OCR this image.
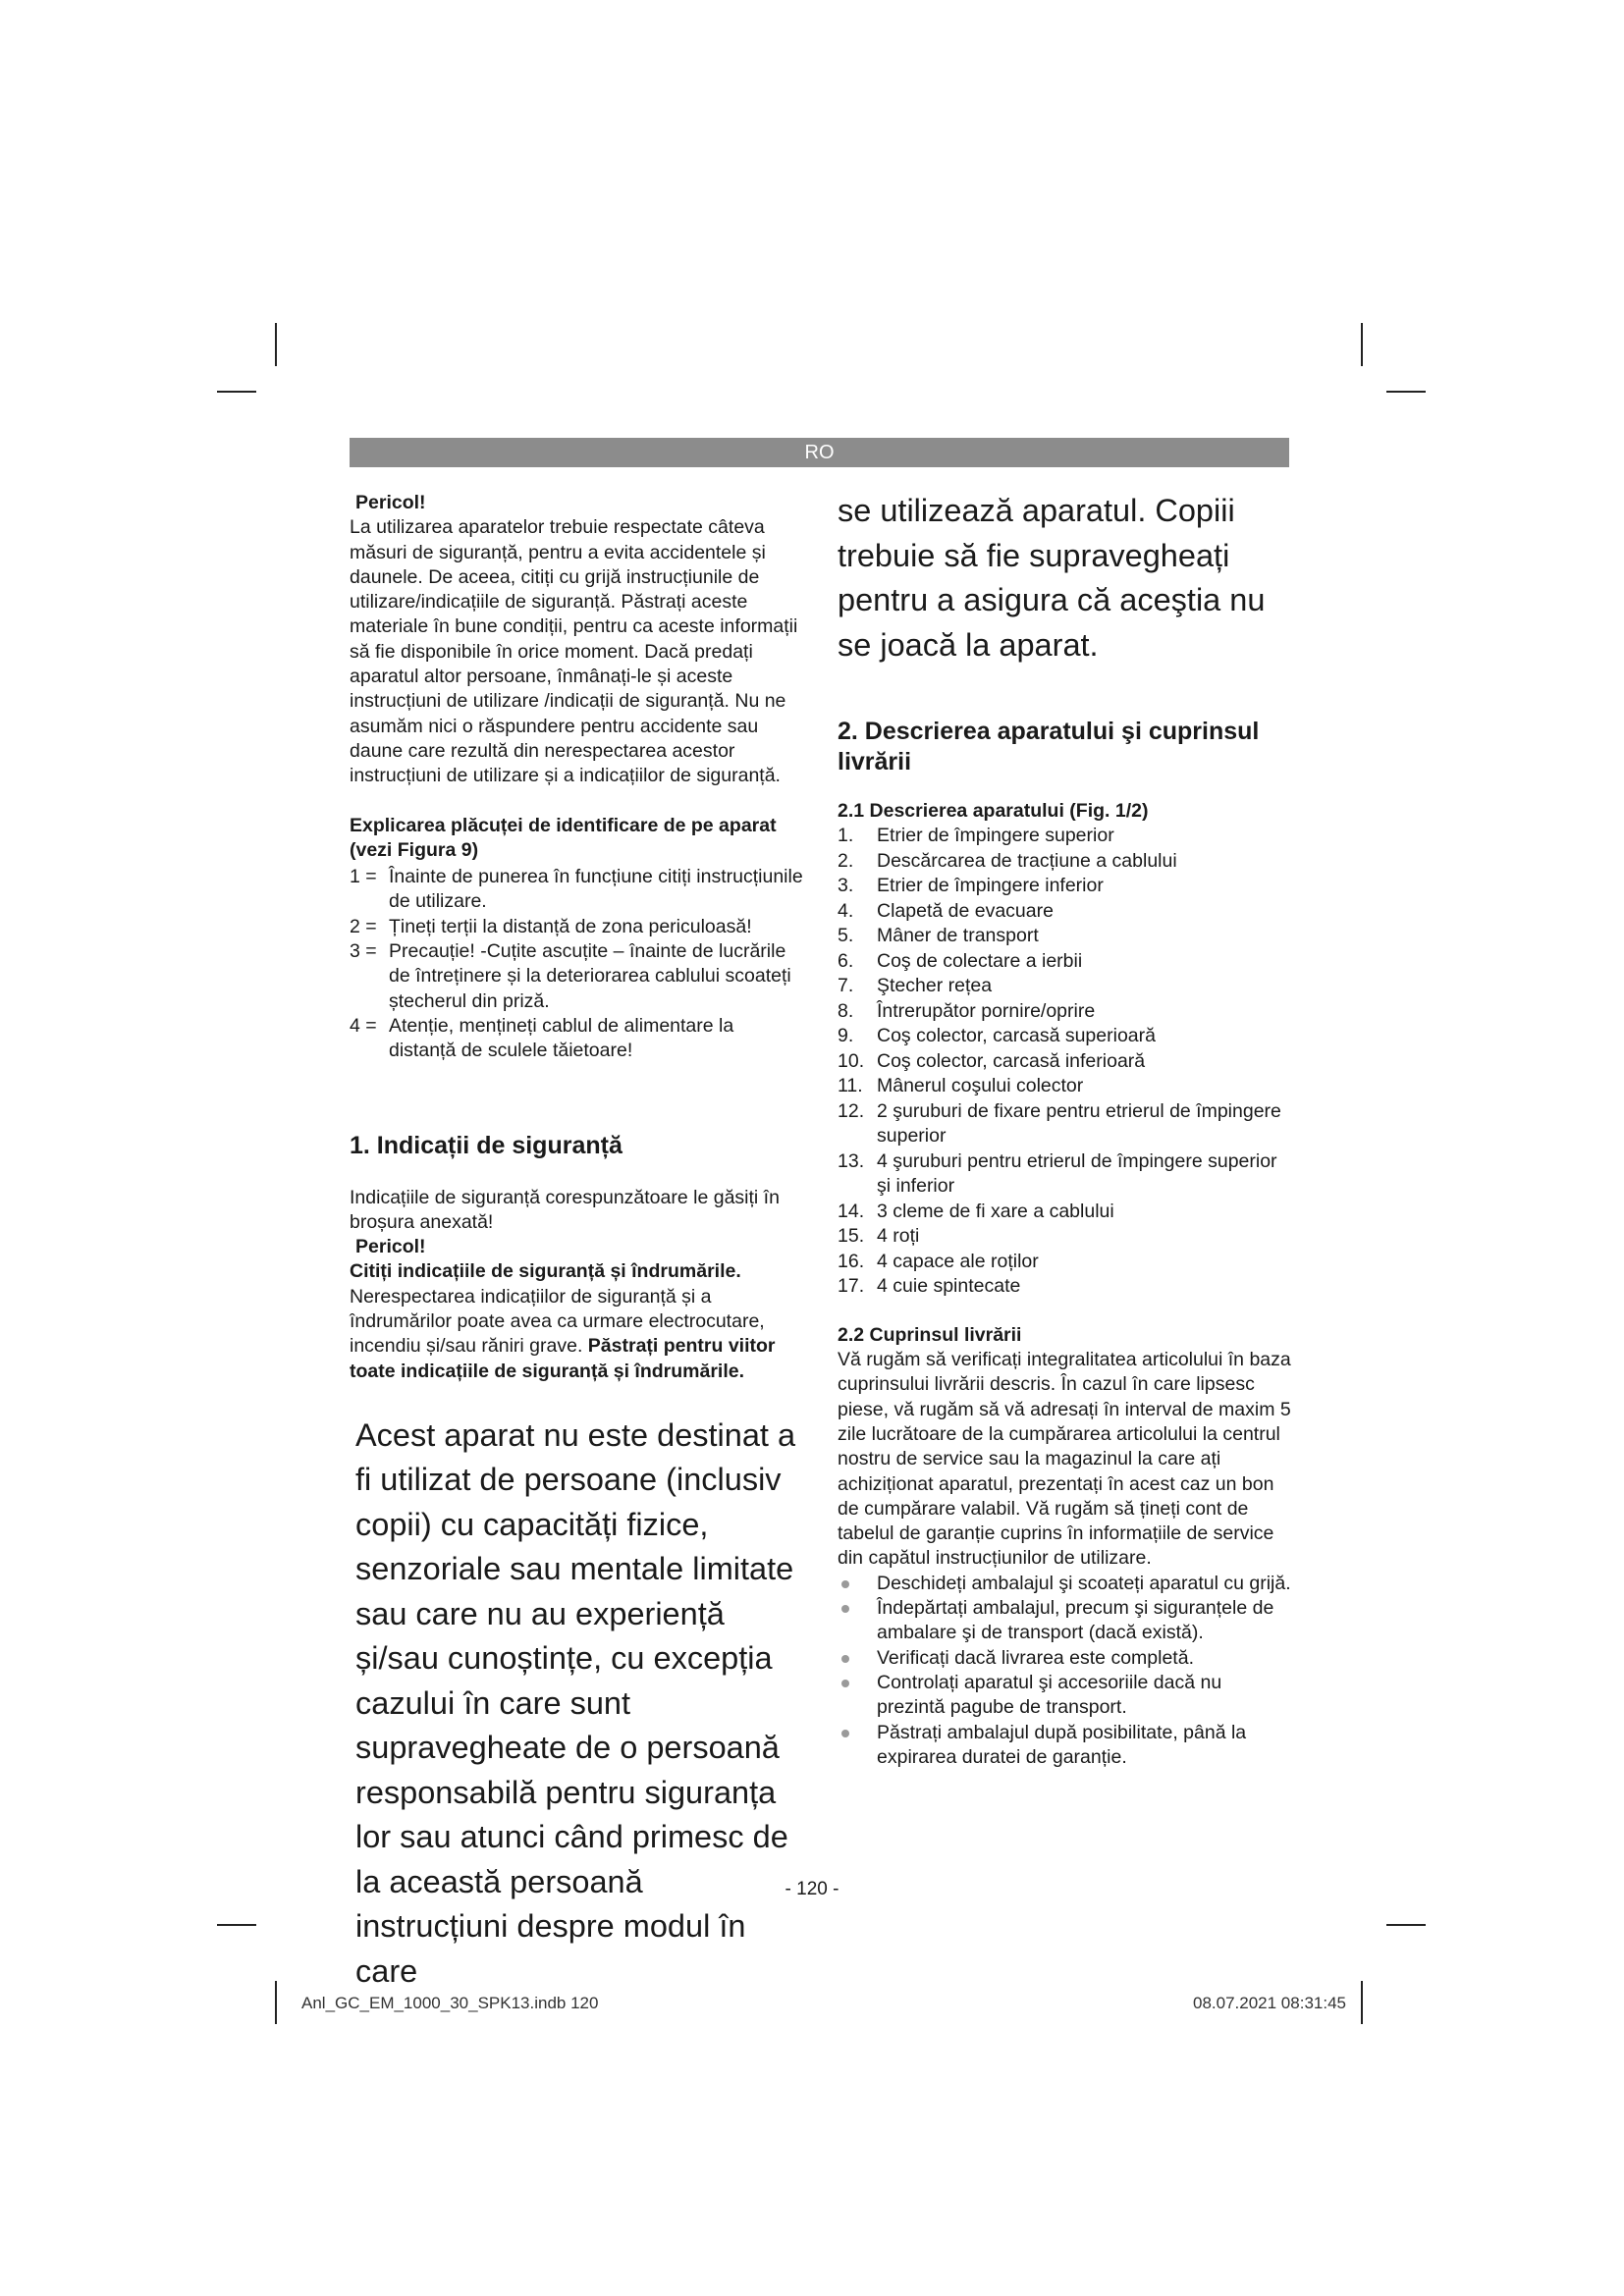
RO

Pericol!

La utilizarea aparatelor trebuie respectate câteva măsuri de siguranță, pentru a evita accidentele și daunele. De aceea, citiți cu grijă instrucțiunile de utilizare/indicațiile de siguranță. Păstrați aceste materiale în bune condiții, pentru ca aceste informații să fie disponibile în orice moment. Dacă predați aparatul altor persoane, înmânați-le și aceste instrucțiuni de utilizare /indicații de siguranță. Nu ne asumăm nici o răspundere pentru accidente sau daune care rezultă din nerespectarea acestor instrucțiuni de utilizare și a indicațiilor de siguranță.

Explicarea plăcuței de identificare de pe aparat (vezi Figura 9)

1 = Înainte de punerea în funcțiune citiți instrucțiunile de utilizare.
2 = Țineți terții la distanță de zona periculoasă!
3 = Precauție! -Cuțite ascuțite – înainte de lucrările de întreținere și la deteriorarea cablului scoateți ștecherul din priză.
4 = Atenție, mențineți cablul de alimentare la distanță de sculele tăietoare!
1. Indicații de siguranță

Indicațiile de siguranță corespunzătoare le găsiți în broșura anexată!

Pericol!

Citiți indicațiile de siguranță și îndrumările.

Nerespectarea indicațiilor de siguranță și a îndrumărilor poate avea ca urmare electrocutare, incendiu și/sau răniri grave. Păstrați pentru viitor toate indicațiile de siguranță și îndrumările.

Acest aparat nu este destinat a fi utilizat de persoane (inclusiv copii) cu capacități fizice, senzoriale sau mentale limitate sau care nu au experiență și/sau cunoștințe, cu excepția cazului în care sunt supravegheate de o persoană responsabilă pentru siguranța lor sau atunci când primesc de la această persoană instrucțiuni despre modul în care

se utilizează aparatul. Copiii trebuie să fie supravegheați pentru a asigura că aceştia nu se joacă la aparat.

2. Descrierea aparatului şi cuprinsul livrării

2.1 Descrierea aparatului (Fig. 1/2)

1. Etrier de împingere superior
2. Descărcarea de tracțiune a cablului
3. Etrier de împingere inferior
4. Clapetă de evacuare
5. Mâner de transport
6. Coş de colectare a ierbii
7. Ştecher rețea
8. Întrerupător pornire/oprire
9. Coş colector, carcasă superioară
10. Coş colector, carcasă inferioară
11. Mânerul coşului colector
12. 2 şuruburi de fixare pentru etrierul de împingere superior
13. 4 şuruburi pentru etrierul de împingere superior şi inferior
14. 3 cleme de fi xare a cablului
15. 4 roți
16. 4 capace ale roților
17. 4 cuie spintecate

2.2 Cuprinsul livrării

Vă rugăm să verificați integralitatea articolului în baza cuprinsului livrării descris. În cazul în care lipsesc piese, vă rugăm să vă adresați în interval de maxim 5 zile lucrătoare de la cumpărarea articolului la centrul nostru de service sau la magazinul la care ați achiziționat aparatul, prezentați în acest caz un bon de cumpărare valabil. Vă rugăm să țineți cont de tabelul de garanție cuprins în informațiile de service din capătul instrucțiunilor de utilizare.

Deschideți ambalajul şi scoateți aparatul cu grijă.
Îndepărtați ambalajul, precum şi siguranțele de ambalare şi de transport (dacă există).
Verificați dacă livrarea este completă.
Controlați aparatul şi accesoriile dacă nu prezintă pagube de transport.
Păstrați ambalajul după posibilitate, până la expirarea duratei de garanție.
- 120 -
Anl_GC_EM_1000_30_SPK13.indb 120	08.07.2021 08:31:45
